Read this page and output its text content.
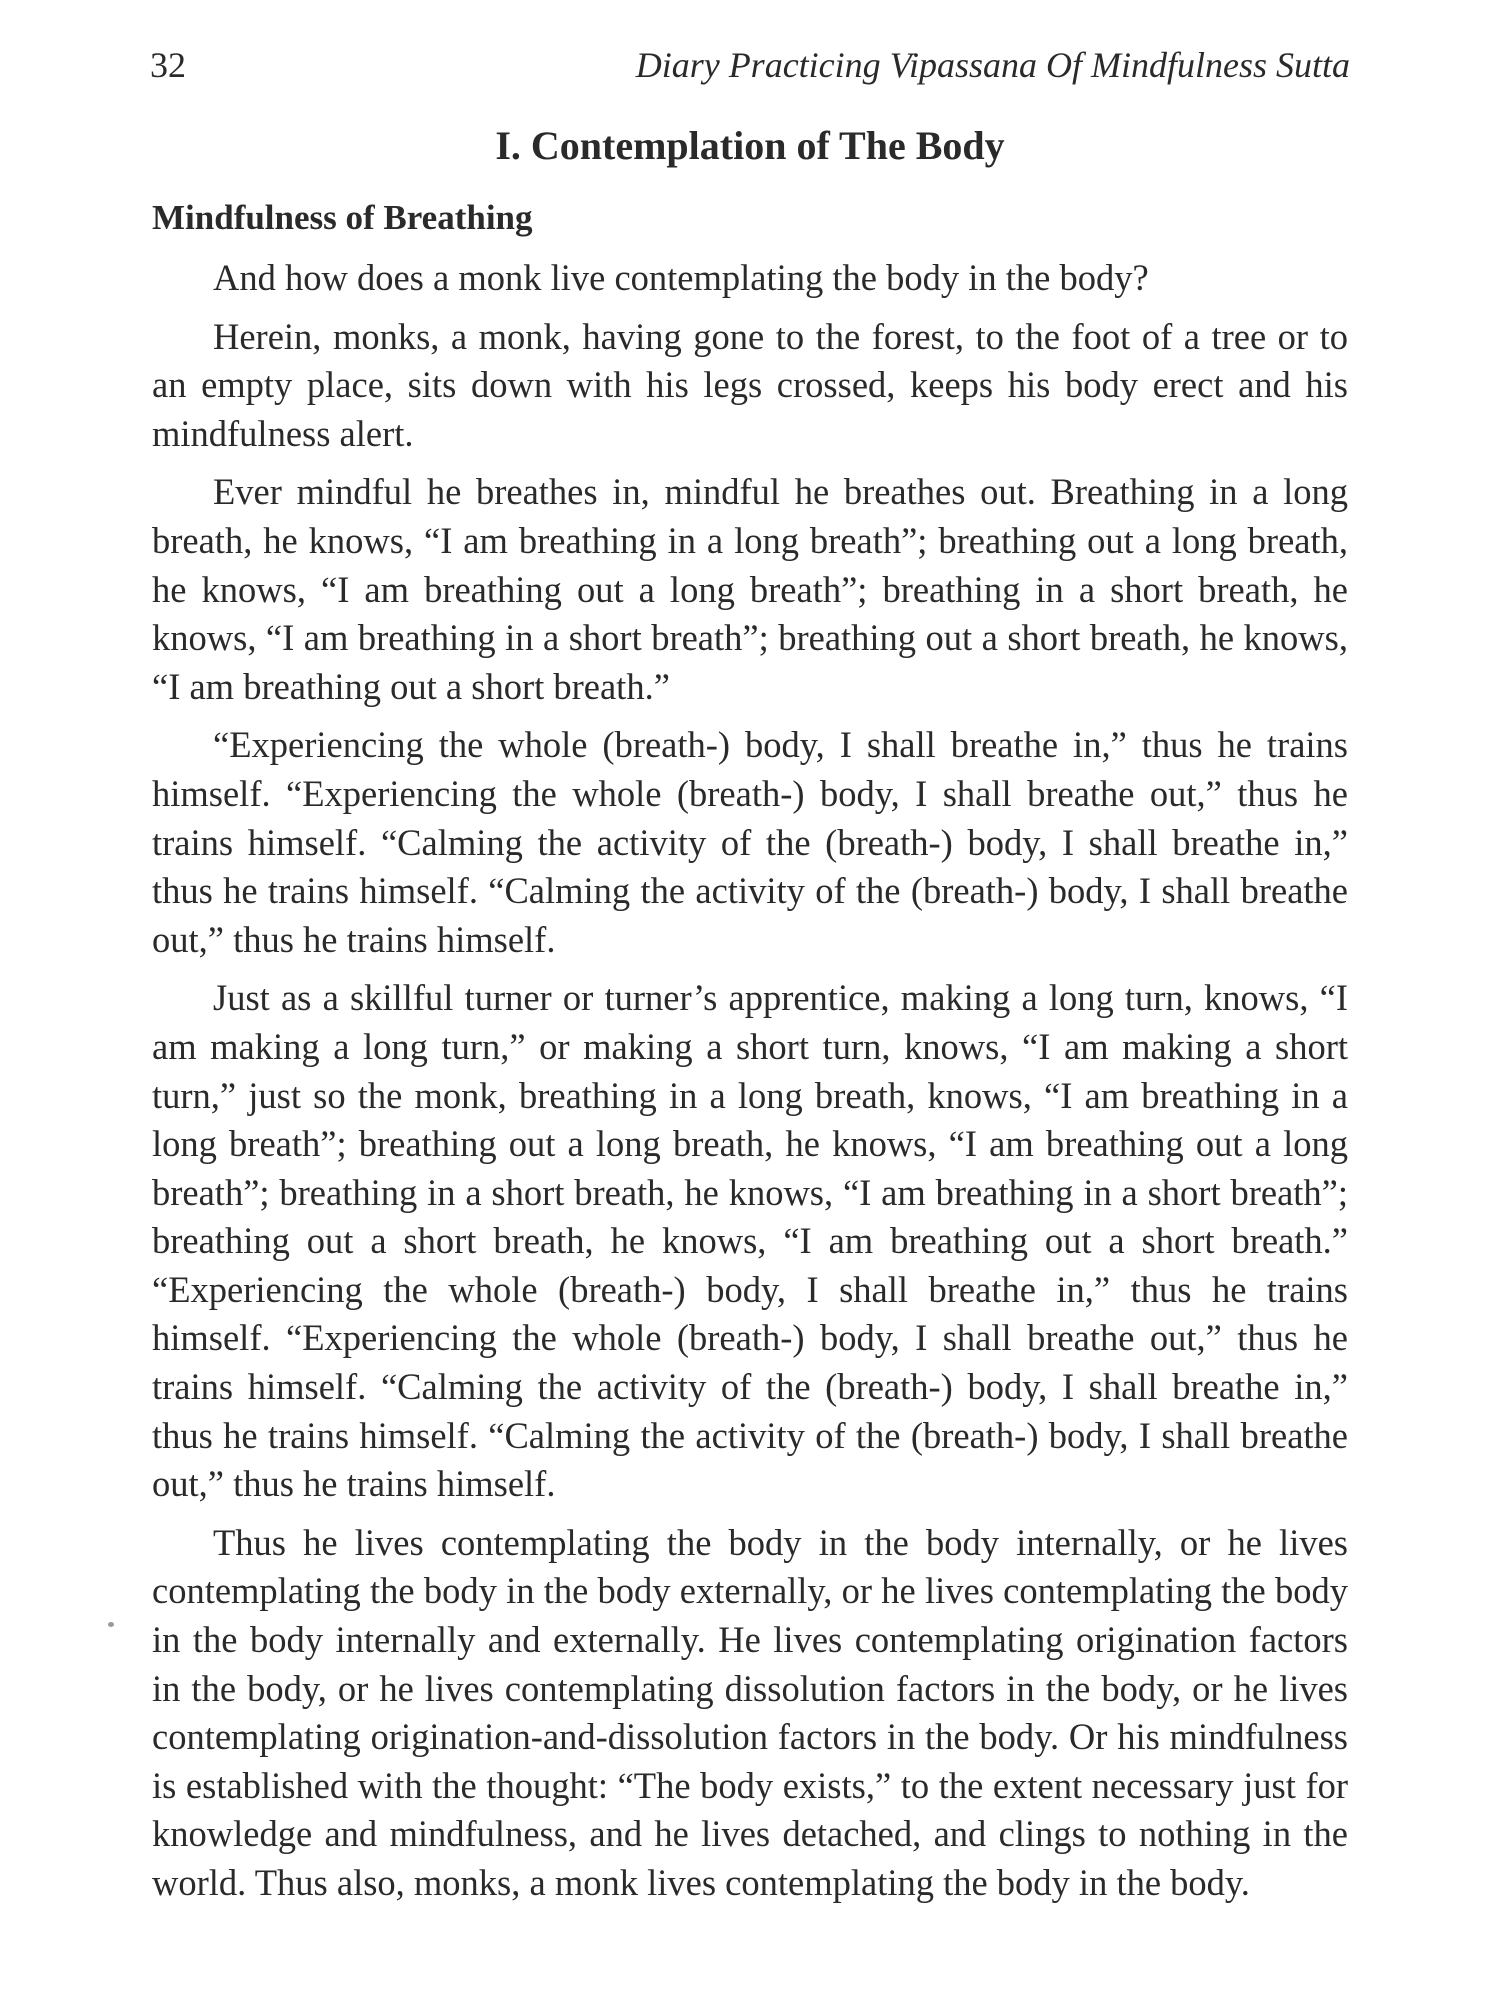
32	Diary Practicing Vipassana Of Mindfulness Sutta
I. Contemplation of The Body
Mindfulness of Breathing

And how does a monk live contemplating the body in the body?

Herein, monks, a monk, having gone to the forest, to the foot of a tree or to an empty place, sits down with his legs crossed, keeps his body erect and his mindfulness alert.

Ever mindful he breathes in, mindful he breathes out. Breathing in a long breath, he knows, “I am breathing in a long breath”; breathing out a long breath, he knows, “I am breathing out a long breath”; breathing in a short breath, he knows, “I am breathing in a short breath”; breathing out a short breath, he knows, “I am breathing out a short breath.”

“Experiencing the whole (breath-) body, I shall breathe in,” thus he trains himself. “Experiencing the whole (breath-) body, I shall breathe out,” thus he trains himself. “Calming the activity of the (breath-) body, I shall breathe in,” thus he trains himself. “Calming the activity of the (breath-) body, I shall breathe out,” thus he trains himself.

Just as a skillful turner or turner’s apprentice, making a long turn, knows, “I am making a long turn,” or making a short turn, knows, “I am making a short turn,” just so the monk, breathing in a long breath, knows, “I am breathing in a long breath”; breathing out a long breath, he knows, “I am breathing out a long breath”; breathing in a short breath, he knows, “I am breathing in a short breath”; breathing out a short breath, he knows, “I am breathing out a short breath.” “Experiencing the whole (breath-) body, I shall breathe in,” thus he trains himself. “Experiencing the whole (breath-) body, I shall breathe out,” thus he trains himself. “Calming the activity of the (breath-) body, I shall breathe in,” thus he trains himself. “Calming the activity of the (breath-) body, I shall breathe out,” thus he trains himself.

Thus he lives contemplating the body in the body internally, or he lives contemplating the body in the body externally, or he lives contemplating the body in the body internally and externally. He lives contemplating origination factors in the body, or he lives contemplating dissolution factors in the body, or he lives contemplating origination-and-dissolution factors in the body. Or his mindfulness is established with the thought: “The body exists,” to the extent necessary just for knowledge and mindfulness, and he lives detached, and clings to nothing in the world. Thus also, monks, a monk lives contemplating the body in the body.
